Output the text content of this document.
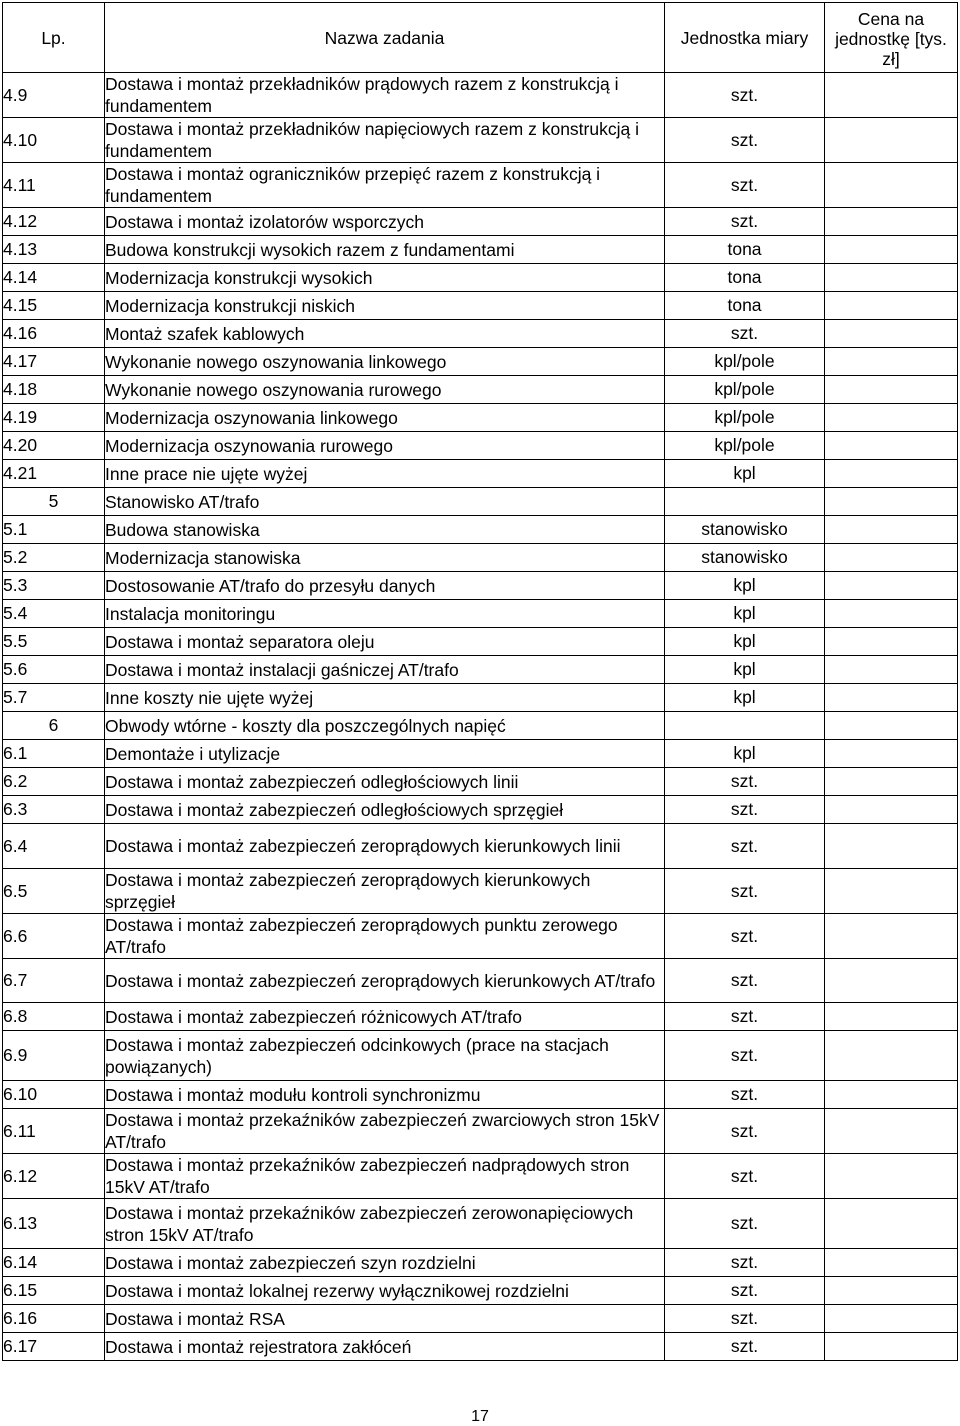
Lp.	Nazwa zadania	Jednostka miary	Cena na jednostkę [tys. zł]
4.9	Dostawa i montaż przekładników prądowych razem z konstrukcją i fundamentem	szt.	
4.10	Dostawa i montaż przekładników napięciowych razem z konstrukcją i fundamentem	szt.	
4.11	Dostawa i montaż ograniczników przepięć razem z konstrukcją i fundamentem	szt.	
4.12	Dostawa i montaż izolatorów wsporczych	szt.	
4.13	Budowa konstrukcji wysokich razem z fundamentami	tona	
4.14	Modernizacja konstrukcji wysokich	tona	
4.15	Modernizacja konstrukcji niskich	tona	
4.16	Montaż szafek kablowych	szt.	
4.17	Wykonanie nowego oszynowania linkowego	kpl/pole	
4.18	Wykonanie nowego oszynowania rurowego	kpl/pole	
4.19	Modernizacja oszynowania linkowego	kpl/pole	
4.20	Modernizacja oszynowania rurowego	kpl/pole	
4.21	Inne prace nie ujęte wyżej	kpl	
5	Stanowisko AT/trafo		
5.1	Budowa stanowiska	stanowisko	
5.2	Modernizacja stanowiska	stanowisko	
5.3	Dostosowanie AT/trafo do przesyłu danych	kpl	
5.4	Instalacja monitoringu	kpl	
5.5	Dostawa i montaż separatora oleju	kpl	
5.6	Dostawa i montaż instalacji gaśniczej AT/trafo	kpl	
5.7	Inne koszty nie ujęte wyżej	kpl	
6	Obwody wtórne - koszty dla poszczególnych napięć		
6.1	Demontaże i utylizacje	kpl	
6.2	Dostawa i montaż zabezpieczeń odległościowych linii	szt.	
6.3	Dostawa i montaż zabezpieczeń odległościowych sprzęgieł	szt.	
6.4	Dostawa i montaż zabezpieczeń zeroprądowych kierunkowych linii	szt.	
6.5	Dostawa i montaż zabezpieczeń zeroprądowych kierunkowych sprzęgieł	szt.	
6.6	Dostawa i montaż zabezpieczeń zeroprądowych punktu zerowego AT/trafo	szt.	
6.7	Dostawa i montaż zabezpieczeń zeroprądowych kierunkowych AT/trafo	szt.	
6.8	Dostawa i montaż zabezpieczeń różnicowych AT/trafo	szt.	
6.9	Dostawa i montaż zabezpieczeń odcinkowych (prace na stacjach powiązanych)	szt.	
6.10	Dostawa i montaż modułu kontroli synchronizmu	szt.	
6.11	Dostawa i montaż przekaźników zabezpieczeń zwarciowych stron 15kV AT/trafo	szt.	
6.12	Dostawa i montaż przekaźników zabezpieczeń nadprądowych stron 15kV AT/trafo	szt.	
6.13	Dostawa i montaż przekaźników zabezpieczeń zerowonapięciowych stron 15kV AT/trafo	szt.	
6.14	Dostawa i montaż zabezpieczeń szyn rozdzielni	szt.	
6.15	Dostawa i montaż lokalnej rezerwy wyłącznikowej rozdzielni	szt.	
6.16	Dostawa i montaż RSA	szt.	
6.17	Dostawa i montaż rejestratora zakłóceń	szt.	
17
